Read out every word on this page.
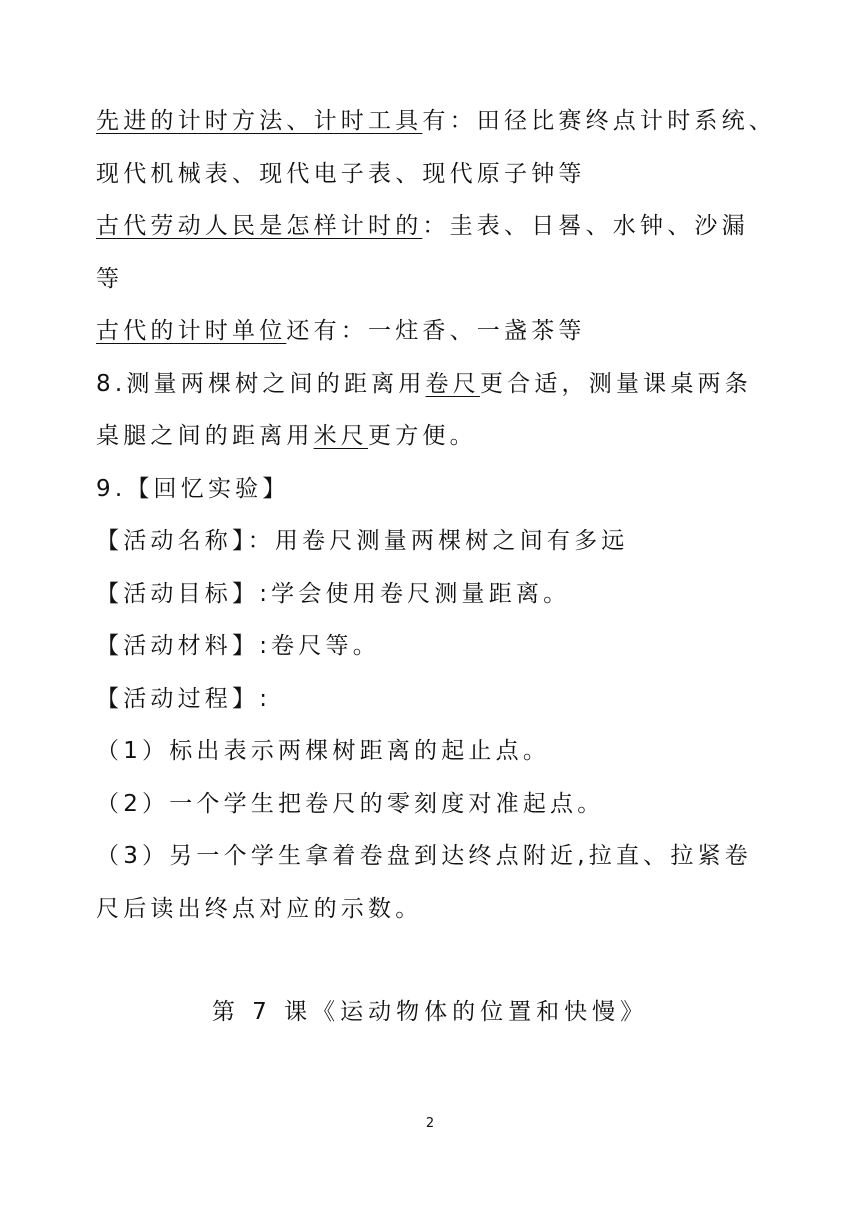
先进的计时方法、计时工具有：田径比赛终点计时系统、
现代机械表、现代电子表、现代原子钟等
古代劳动人民是怎样计时的：圭表、日晷、水钟、沙漏
等
古代的计时单位还有：一炷香、一盏茶等
8.测量两棵树之间的距离用卷尺更合适，测量课桌两条
桌腿之间的距离用米尺更方便。
9.【回忆实验】
【活动名称】：用卷尺测量两棵树之间有多远
【活动目标】:学会使用卷尺测量距离。
【活动材料】:卷尺等。
【活动过程】:
（1）标出表示两棵树距离的起止点。
（2）一个学生把卷尺的零刻度对准起点。
（3）另一个学生拿着卷盘到达终点附近,拉直、拉紧卷
尺后读出终点对应的示数。
第 7 课《运动物体的位置和快慢》
2
